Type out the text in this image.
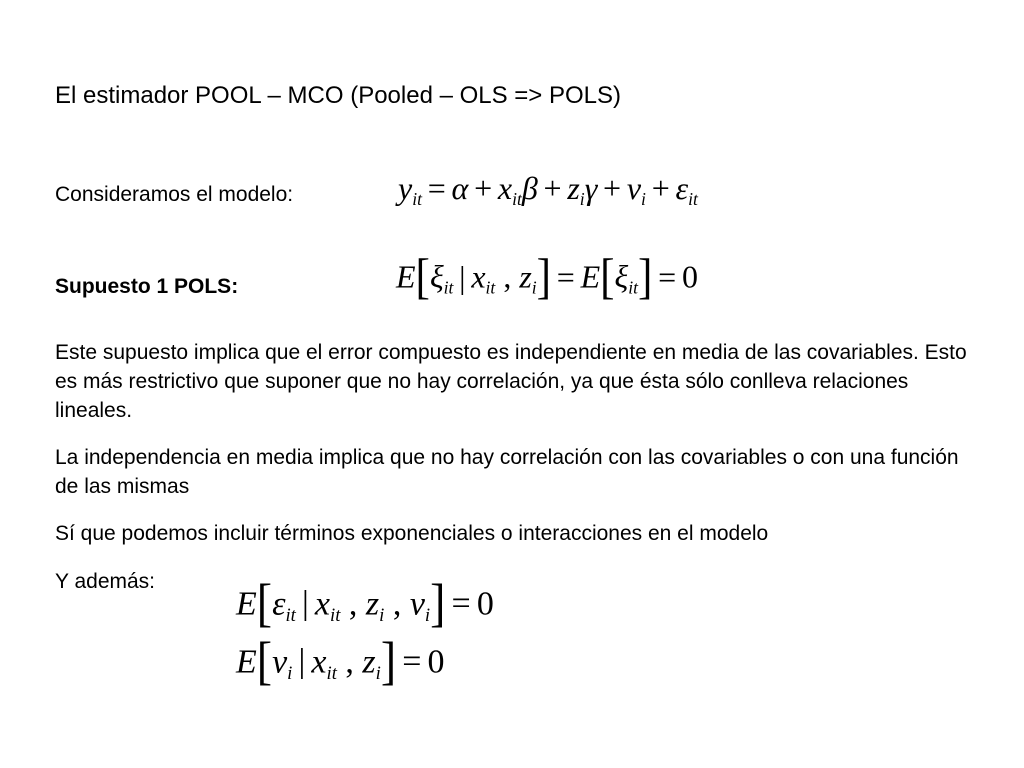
El estimador POOL – MCO (Pooled – OLS => POLS)
Consideramos el modelo:	$y_{it} = \alpha + x_{it}\beta + z_i\gamma + \nu_i + \varepsilon_{it}$
Supuesto 1 POLS:	$E[\xi_{it}$ | $x_{it}$ , $z_i] = E[\xi_{it}] = 0$
Este supuesto implica que el error compuesto es independiente en media de las covariables. Esto es más restrictivo que suponer que no hay correlación, ya que ésta sólo conlleva relaciones lineales.
La independencia en media implica que no hay correlación con las covariables o con una función de las mismas
Sí que podemos incluir términos exponenciales o interacciones en el modelo
Y además:
$E[\varepsilon_{it}$ | $x_{it}$ , $z_i$ , $\nu_i] = 0$
$E[\nu_i$ | $x_{it}$ , $z_i] = 0$
